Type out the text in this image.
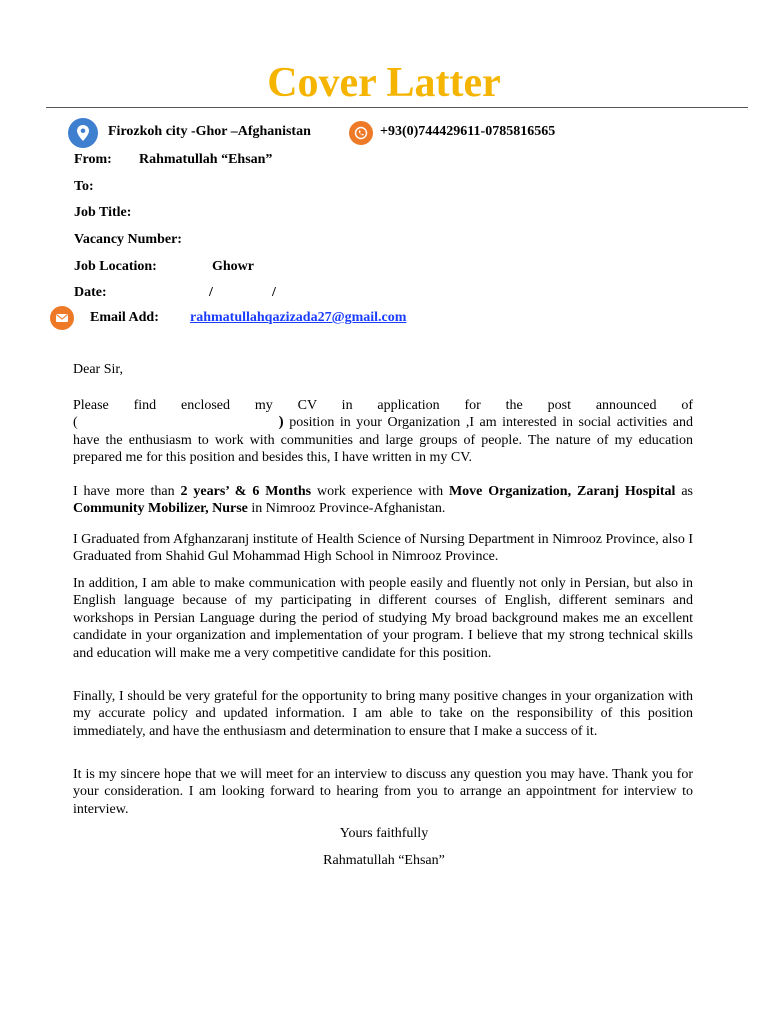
Cover Latter
Firozkoh city -Ghor –Afghanistan	+93(0)744429611-0785816565
From: Rahmatullah “Ehsan”
To:
Job Title:
Vacancy Number:
Job Location:	Ghowr
Date:	/	/
Email Add: rahmatullahqazizada27@gmail.com
Dear Sir,
Please find enclosed my CV in application for the post announced of
(	) position in your Organization ,I am interested in social activities and have the enthusiasm to work with communities and large groups of people. The nature of my education prepared me for this position and besides this, I have written in my CV.
I have more than 2 years’ & 6 Months work experience with Move Organization, Zaranj Hospital as Community Mobilizer, Nurse in Nimrooz Province-Afghanistan.
I Graduated from Afghanzaranj institute of Health Science of Nursing Department in Nimrooz Province, also I Graduated from Shahid Gul Mohammad High School in Nimrooz Province.
In addition, I am able to make communication with people easily and fluently not only in Persian, but also in English language because of my participating in different courses of English, different seminars and workshops in Persian Language during the period of studying My broad background makes me an excellent candidate in your organization and implementation of your program. I believe that my strong technical skills and education will make me a very competitive candidate for this position.
Finally, I should be very grateful for the opportunity to bring many positive changes in your organization with my accurate policy and updated information. I am able to take on the responsibility of this position immediately, and have the enthusiasm and determination to ensure that I make a success of it.
It is my sincere hope that we will meet for an interview to discuss any question you may have. Thank you for your consideration. I am looking forward to hearing from you to arrange an appointment for interview to interview.
Yours faithfully
Rahmatullah “Ehsan”
